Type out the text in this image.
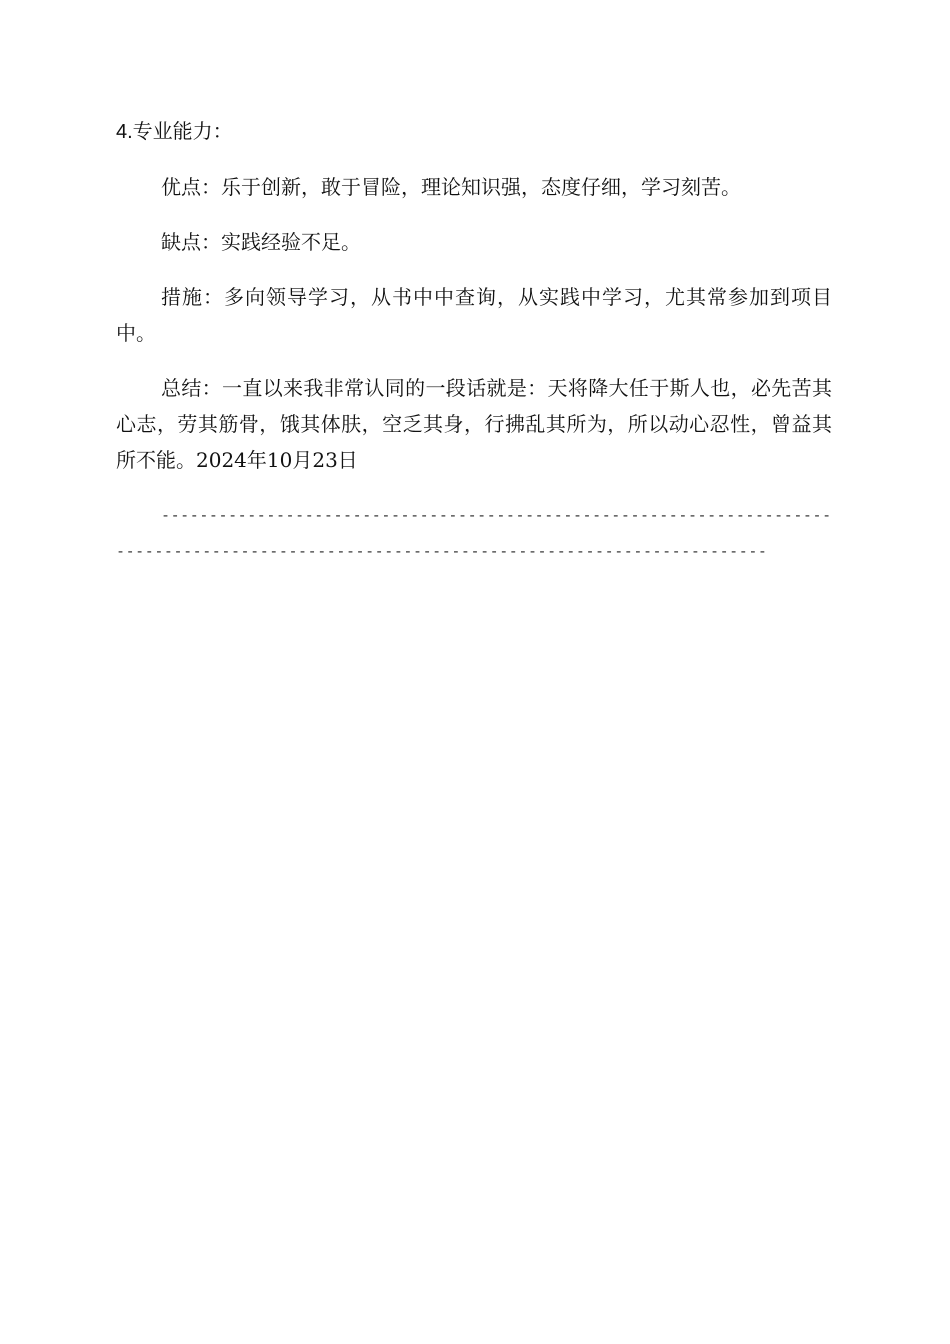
4.专业能力：

优点：乐于创新，敢于冒险，理论知识强，态度仔细，学习刻苦。

缺点：实践经验不足。

措施：多向领导学习，从书中中查询，从实践中学习，尤其常参加到项目中。

总结：一直以来我非常认同的一段话就是：天将降大任于斯人也，必先苦其心志，劳其筋骨，饿其体肤，空乏其身，行拂乱其所为，所以动心忍性，曾益其所不能。2024年10月23日

------------------------------------------------------------------------------------------------------------------------------------------
